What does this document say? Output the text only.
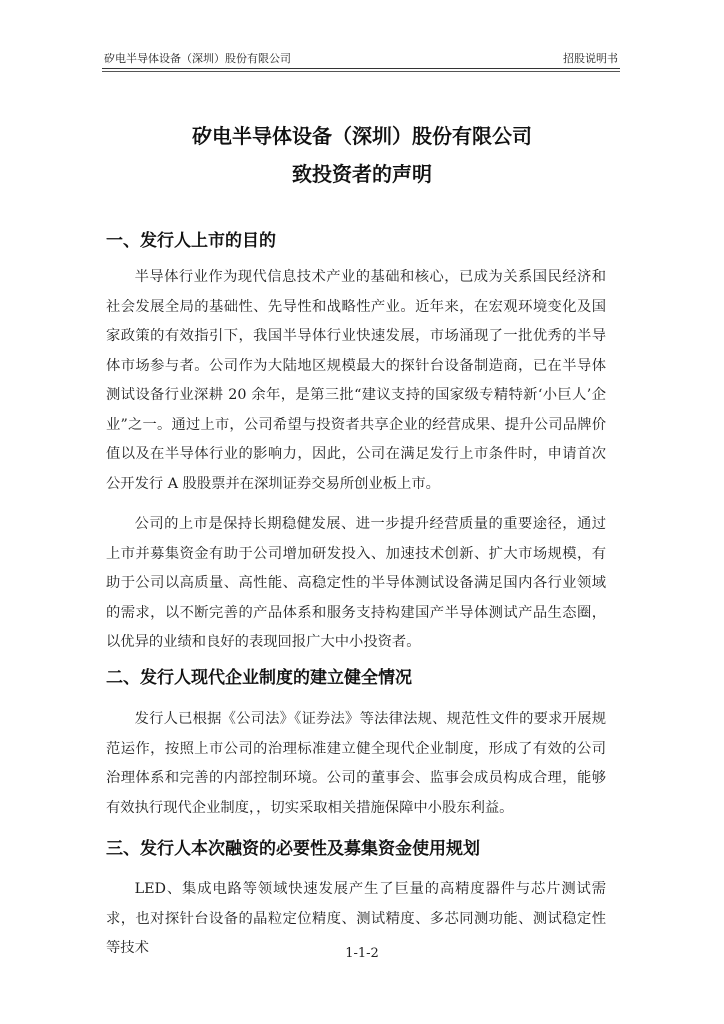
矽电半导体设备（深圳）股份有限公司	招股说明书
矽电半导体设备（深圳）股份有限公司
致投资者的声明
一、发行人上市的目的
半导体行业作为现代信息技术产业的基础和核心，已成为关系国民经济和社会发展全局的基础性、先导性和战略性产业。近年来，在宏观环境变化及国家政策的有效指引下，我国半导体行业快速发展，市场涌现了一批优秀的半导体市场参与者。公司作为大陆地区规模最大的探针台设备制造商，已在半导体测试设备行业深耕 20 余年，是第三批“建议支持的国家级专精特新‘小巨人’企业”之一。通过上市，公司希望与投资者共享企业的经营成果、提升公司品牌价值以及在半导体行业的影响力，因此，公司在满足发行上市条件时，申请首次公开发行 A 股股票并在深圳证券交易所创业板上市。
公司的上市是保持长期稳健发展、进一步提升经营质量的重要途径，通过上市并募集资金有助于公司增加研发投入、加速技术创新、扩大市场规模，有助于公司以高质量、高性能、高稳定性的半导体测试设备满足国内各行业领域的需求，以不断完善的产品体系和服务支持构建国产半导体测试产品生态圈，以优异的业绩和良好的表现回报广大中小投资者。
二、发行人现代企业制度的建立健全情况
发行人已根据《公司法》《证券法》等法律法规、规范性文件的要求开展规范运作，按照上市公司的治理标准建立健全现代企业制度，形成了有效的公司治理体系和完善的内部控制环境。公司的董事会、监事会成员构成合理，能够有效执行现代企业制度，，切实采取相关措施保障中小股东利益。
三、发行人本次融资的必要性及募集资金使用规划
LED、集成电路等领域快速发展产生了巨量的高精度器件与芯片测试需求，也对探针台设备的晶粒定位精度、测试精度、多芯同测功能、测试稳定性等技术	1-1-2
